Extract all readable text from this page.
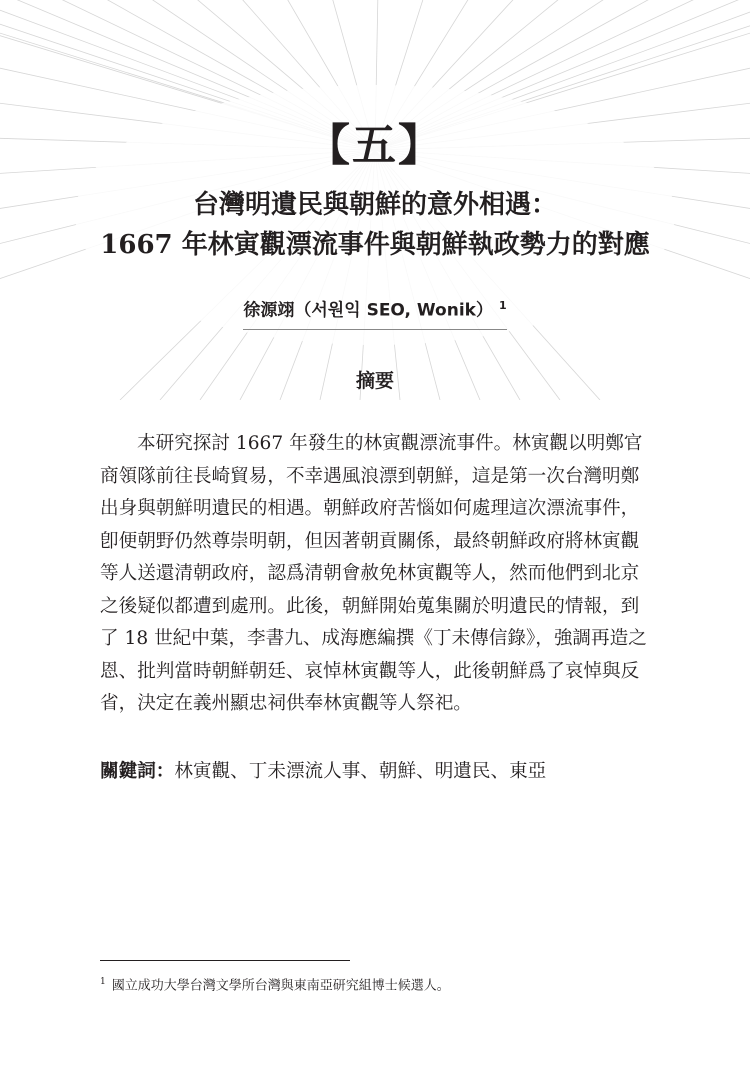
【五】
台灣明遺民與朝鮮的意外相遇：
1667 年林寅觀漂流事件與朝鮮執政勢力的對應
徐源翊（서원익 SEO, Wonik） $^1$
摘要
本研究探討 1667 年發生的林寅觀漂流事件。林寅觀以明鄭官
商領隊前往長崎貿易，不幸遇風浪漂到朝鮮，這是第一次台灣明鄭
出身與朝鮮明遺民的相遇。朝鮮政府苦惱如何處理這次漂流事件，
卽便朝野仍然尊崇明朝，但因著朝貢關係，最終朝鮮政府將林寅觀
等人送還清朝政府，認爲清朝會赦免林寅觀等人，然而他們到北京
之後疑似都遭到處刑。此後，朝鮮開始蒐集關於明遺民的情報，到
了 18 世紀中葉，李書九、成海應編撰《丁未傳信錄》，強調再造之
恩、批判當時朝鮮朝廷、哀悼林寅觀等人，此後朝鮮爲了哀悼與反
省，決定在義州顯忠祠供奉林寅觀等人祭祀。
關鍵詞：林寅觀、丁未漂流人事、朝鮮、明遺民、東亞
$^1$ 國立成功大學台灣文學所台灣與東南亞研究組博士候選人。
